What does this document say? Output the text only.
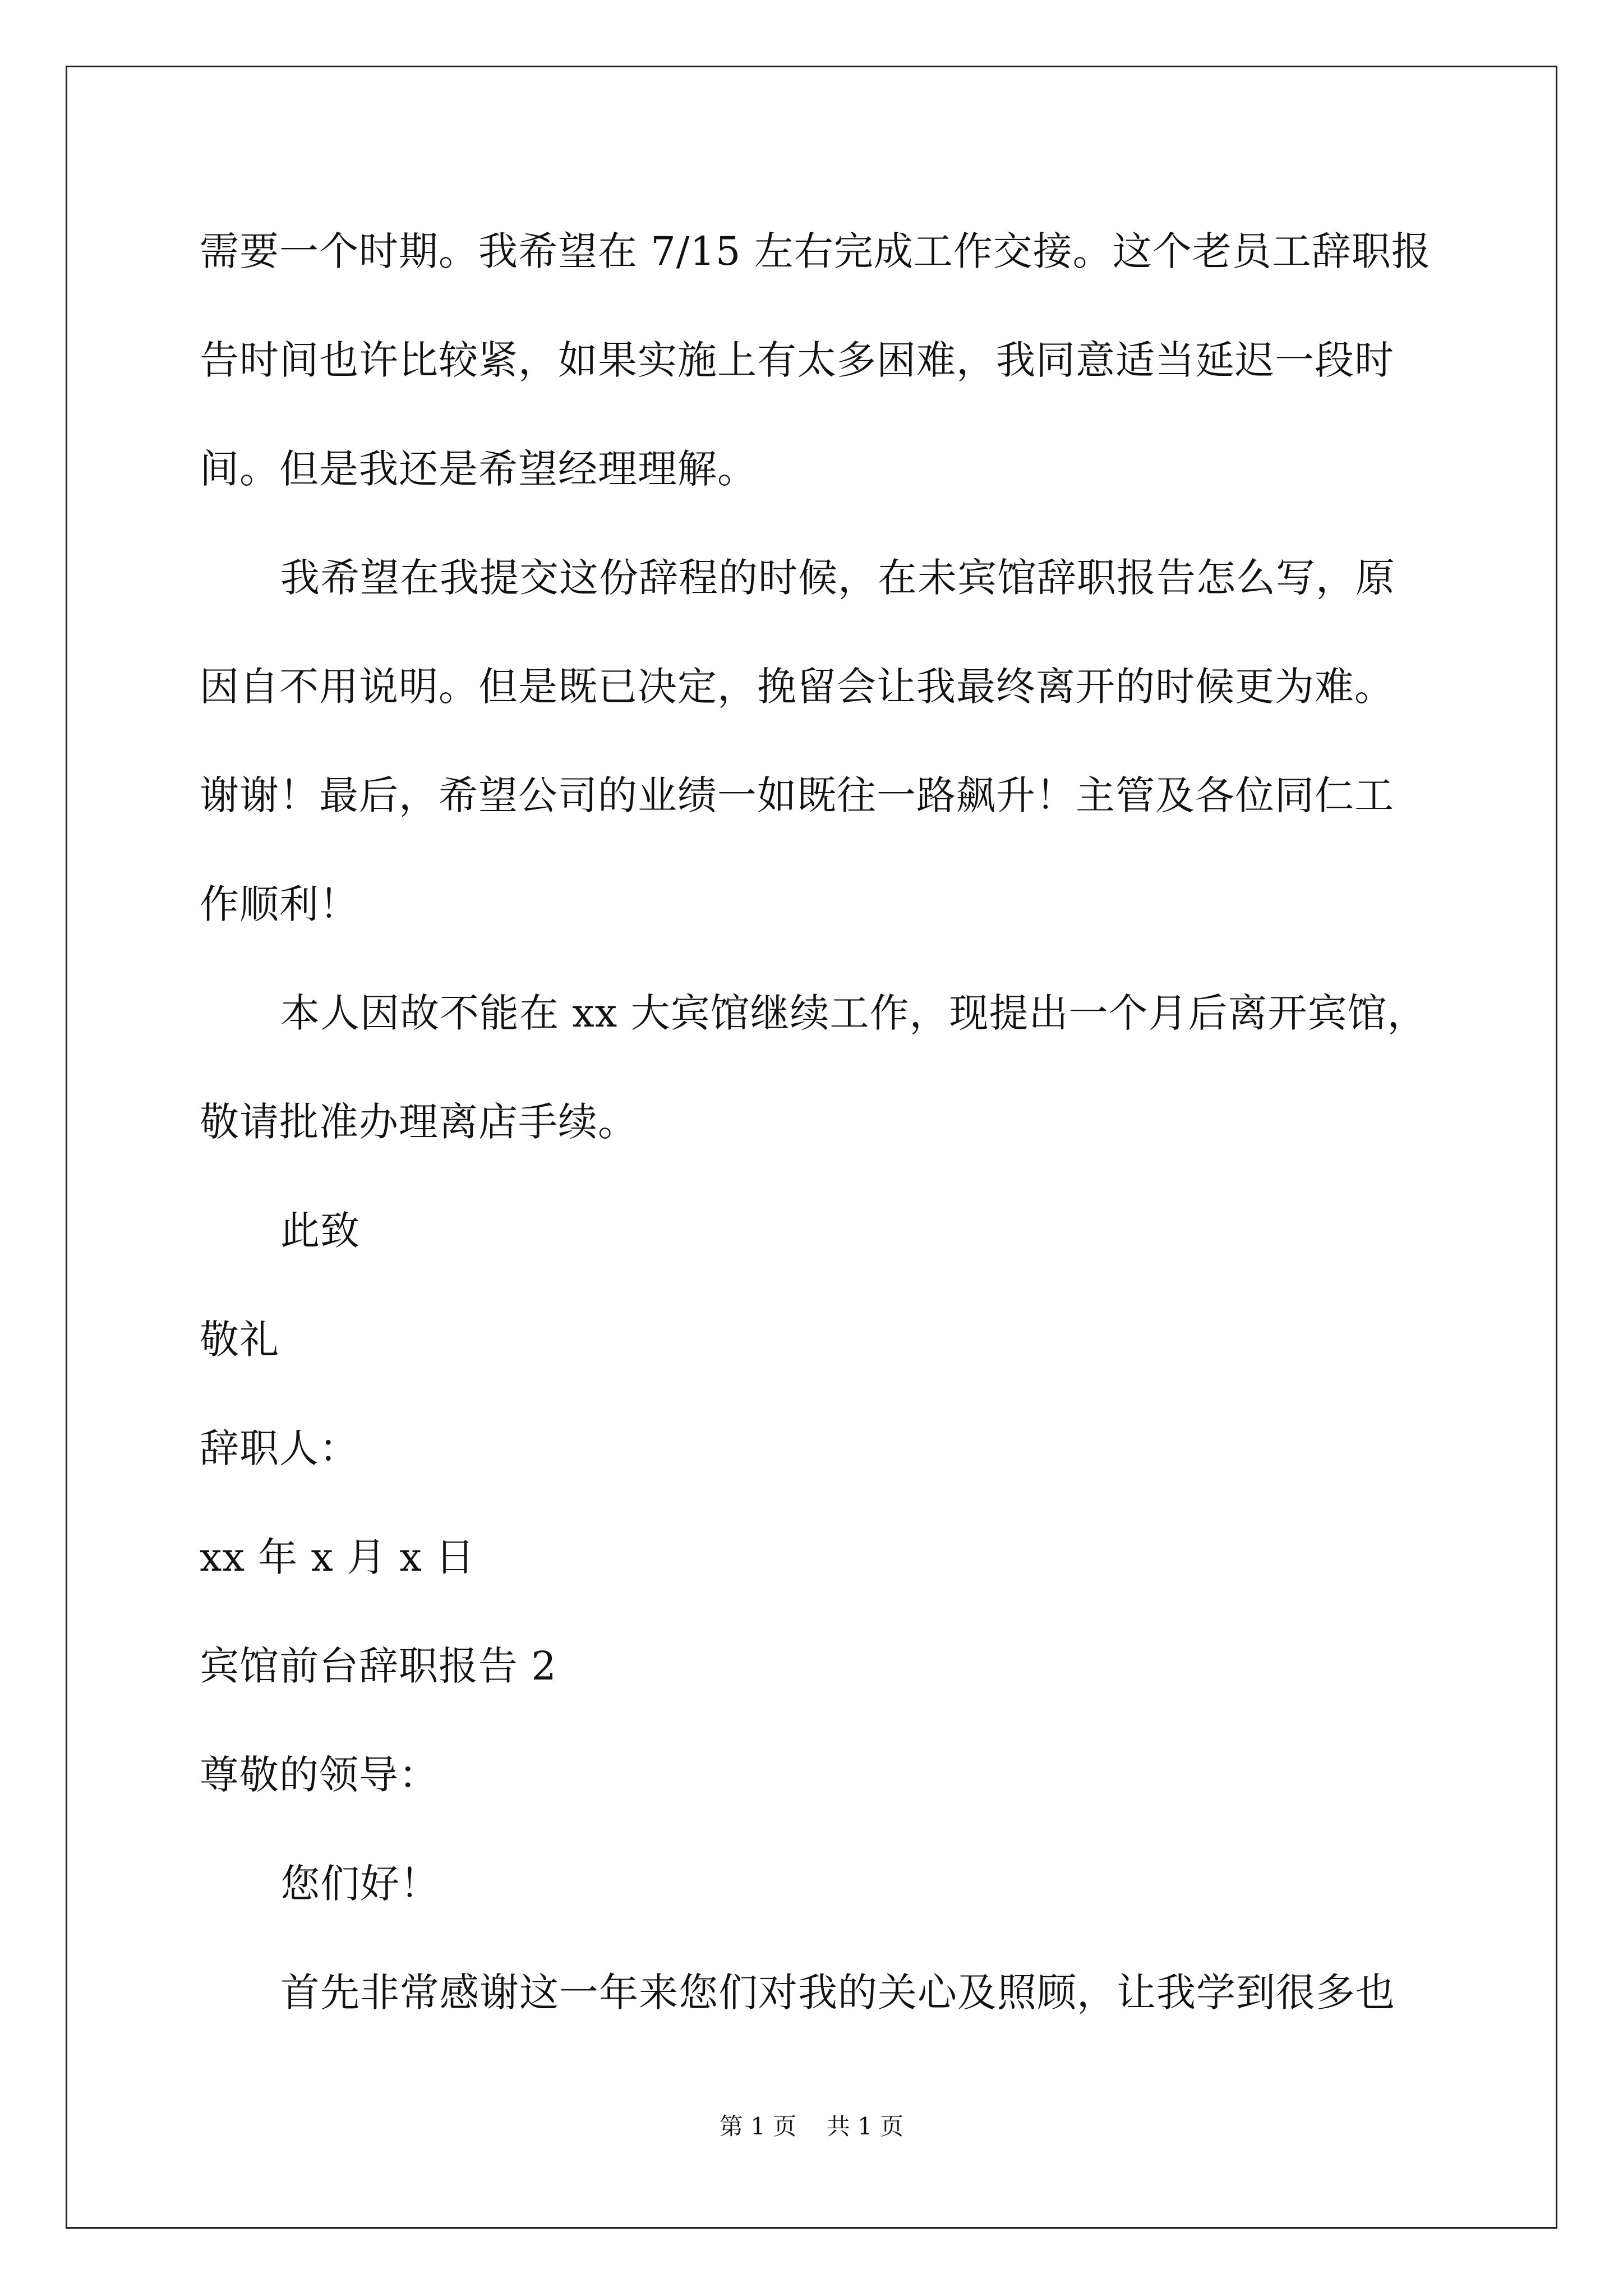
需要一个时期。我希望在 7/15 左右完成工作交接。这个老员工辞职报
告时间也许比较紧，如果实施上有太多困难，我同意适当延迟一段时
间。但是我还是希望经理理解。
我希望在我提交这份辞程的时候，在未宾馆辞职报告怎么写，原
因自不用说明。但是既已决定，挽留会让我最终离开的时候更为难。
谢谢！最后，希望公司的业绩一如既往一路飙升！主管及各位同仁工
作顺利！
本人因故不能在 xx 大宾馆继续工作，现提出一个月后离开宾馆，
敬请批准办理离店手续。
此致
敬礼
辞职人：
xx 年 x 月 x 日
宾馆前台辞职报告 2
尊敬的领导：
您们好！
首先非常感谢这一年来您们对我的关心及照顾，让我学到很多也
第 1 页    共 1 页
